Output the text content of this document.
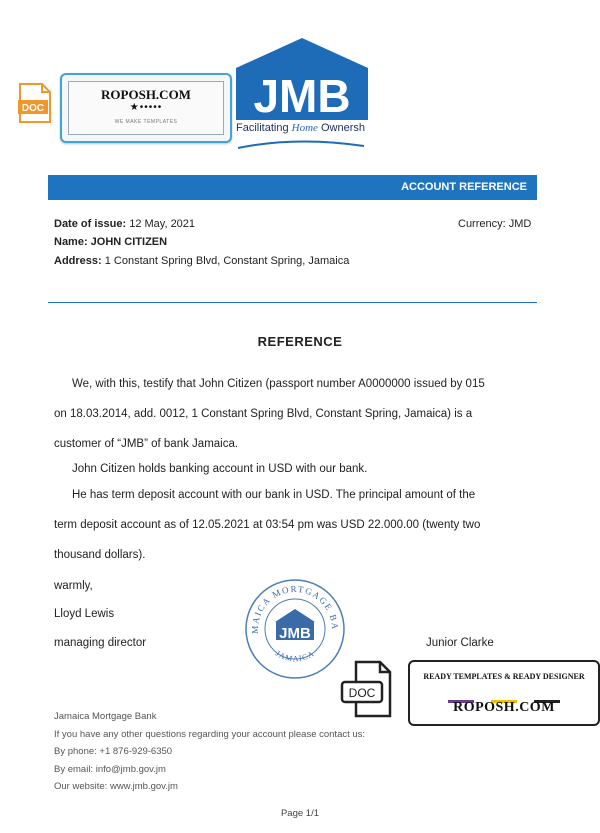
DOC
ROPOSH.COM
★•••••
WE MAKE TEMPLATES	JMB
Facilitating Home Ownersh
ACCOUNT REFERENCE
Date of issue: 12 May, 2021
Name: JOHN CITIZEN
Address: 1 Constant Spring Blvd, Constant Spring, Jamaica
Currency: JMD
REFERENCE
We, with this, testify that John Citizen (passport number A0000000 issued by 015
on 18.03.2014, add. 0012, 1 Constant Spring Blvd, Constant Spring, Jamaica) is a
customer of “JMB” of bank Jamaica.
John Citizen holds banking account in USD with our bank.
He has term deposit account with our bank in USD. The principal amount of the
term deposit account as of 12.05.2021 at 03:54 pm was USD 22.000.00 (twenty two
thousand dollars).
warmly,
Lloyd Lewis
managing director	Junior Clarke
MAICA MORTGAGE BA
JMB
JAMAICA
DOC
READY TEMPLATES & READY DESIGNER
ROPOSH.COM
Jamaica Mortgage Bank
If you have any other questions regarding your account please contact us:
By phone: +1 876-929-6350
By email: info@jmb.gov.jm
Our website: www.jmb.gov.jm
Page 1/1
